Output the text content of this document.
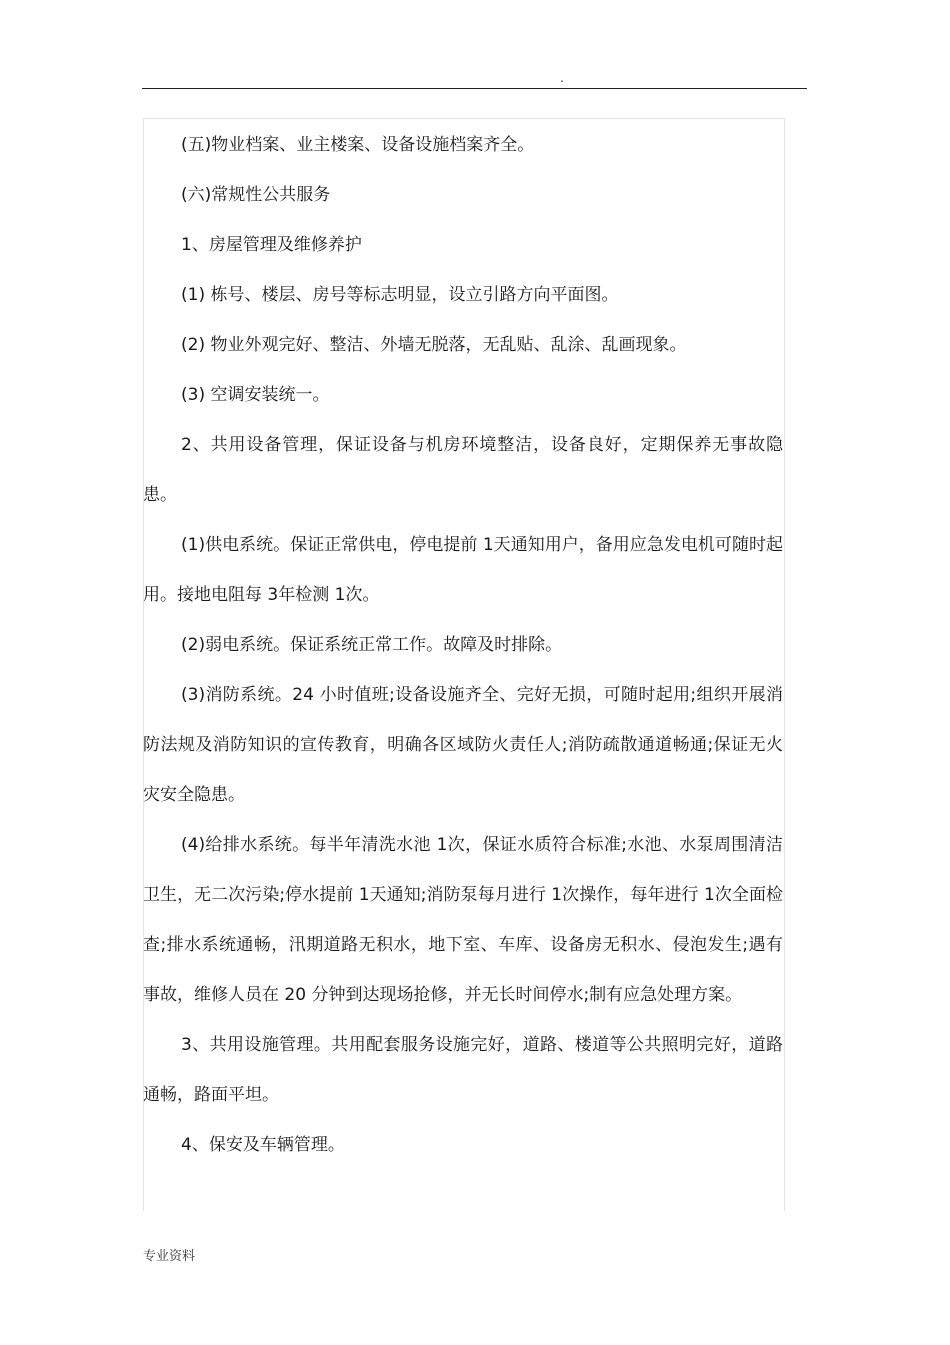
.

(五)物业档案、业主楼案、设备设施档案齐全。

(六)常规性公共服务

1、房屋管理及维修养护

(1) 栋号、楼层、房号等标志明显，设立引路方向平面图。

(2) 物业外观完好、整洁、外墙无脱落，无乱贴、乱涂、乱画现象。

(3) 空调安装统一。

2、共用设备管理，保证设备与机房环境整洁，设备良好，定期保养无事故隐患。

(1)供电系统。保证正常供电，停电提前 1天通知用户，备用应急发电机可随时起用。接地电阻每 3年检测 1次。

(2)弱电系统。保证系统正常工作。故障及时排除。

(3)消防系统。24 小时值班;设备设施齐全、完好无损，可随时起用;组织开展消防法规及消防知识的宣传教育，明确各区域防火责任人;消防疏散通道畅通;保证无火灾安全隐患。

(4)给排水系统。每半年清洗水池 1次，保证水质符合标准;水池、水泵周围清洁卫生，无二次污染;停水提前 1天通知;消防泵每月进行 1次操作，每年进行 1次全面检查;排水系统通畅，汛期道路无积水，地下室、车库、设备房无积水、侵泡发生;遇有事故，维修人员在 20 分钟到达现场抢修，并无长时间停水;制有应急处理方案。

3、共用设施管理。共用配套服务设施完好，道路、楼道等公共照明完好，道路通畅，路面平坦。

4、保安及车辆管理。

专业资料
